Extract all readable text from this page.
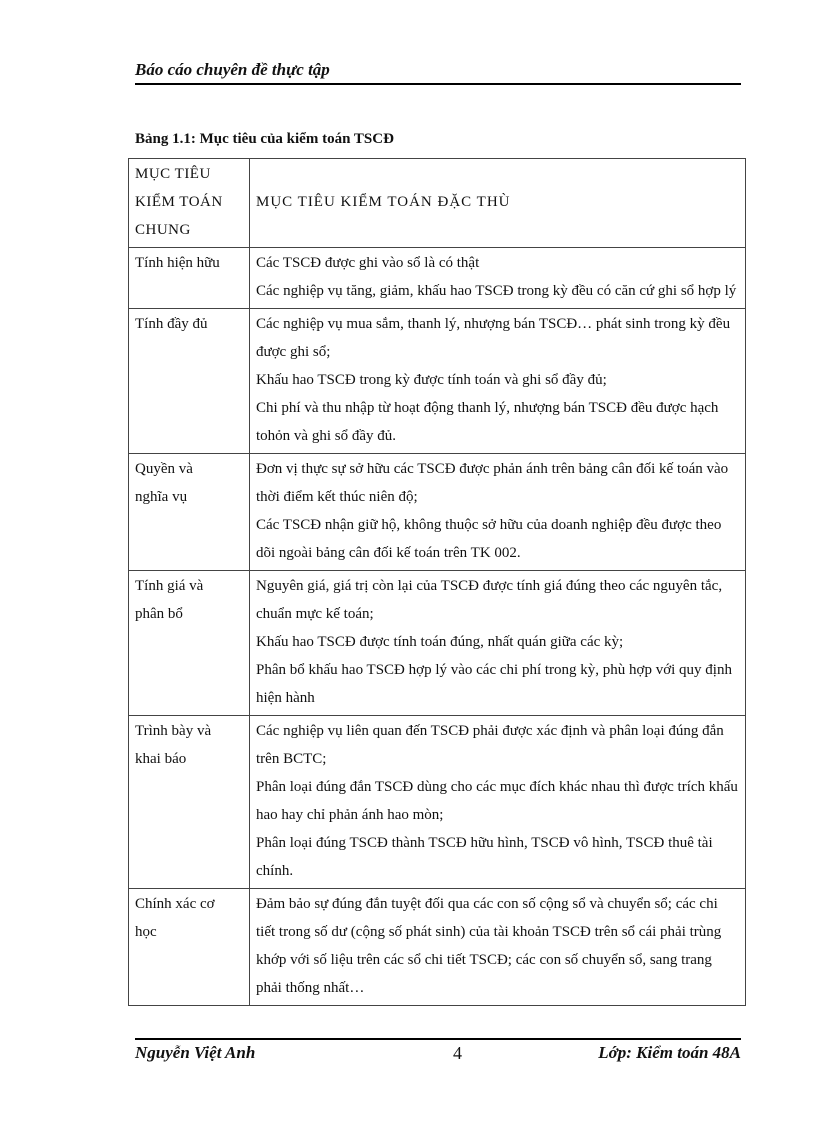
Báo cáo chuyên đề thực tập
Bảng 1.1: Mục tiêu của kiểm toán TSCĐ
MỤC TIÊU
KIỂM TOÁN
CHUNG	MỤC TIÊU KIỂM TOÁN ĐẶC THÙ

Tính hiện hữu	Các TSCĐ được ghi vào sổ là có thật
Các nghiệp vụ tăng, giảm, khấu hao TSCĐ trong kỳ đều có căn cứ ghi sổ hợp lý

Tính đầy đủ	Các nghiệp vụ mua sắm, thanh lý, nhượng bán TSCĐ… phát sinh trong kỳ đều được ghi sổ;
Khấu hao TSCĐ trong kỳ được tính toán và ghi sổ đầy đủ;
Chi phí và thu nhập từ hoạt động thanh lý, nhượng bán TSCĐ đều được hạch tohỏn và ghi sổ đầy đủ.

Quyền và
nghĩa vụ	Đơn vị thực sự sở hữu các TSCĐ được phản ánh trên bảng cân đối kế toán vào thời điểm kết thúc niên độ;
Các TSCĐ nhận giữ hộ, không thuộc sở hữu của doanh nghiệp đều được theo dõi ngoài bảng cân đối kế toán trên TK 002.

Tính giá và
phân bổ	Nguyên giá, giá trị còn lại của TSCĐ được tính giá đúng theo các nguyên tắc, chuẩn mực kế toán;
Khấu hao TSCĐ được tính toán đúng, nhất quán giữa các kỳ;
Phân bổ khấu hao TSCĐ hợp lý vào các chi phí trong kỳ, phù hợp với quy định hiện hành

Trình bày và
khai báo	Các nghiệp vụ liên quan đến TSCĐ phải được xác định và phân loại đúng đắn trên BCTC;
Phân loại đúng đắn TSCĐ dùng cho các mục đích khác nhau thì được trích khấu hao hay chỉ phản ánh hao mòn;
Phân loại đúng TSCĐ thành TSCĐ hữu hình, TSCĐ vô hình, TSCĐ thuê tài chính.

Chính xác cơ
học	Đảm bảo sự đúng đắn tuyệt đối qua các con số cộng sổ và chuyển sổ; các chi tiết trong số dư (cộng số phát sinh) của tài khoản TSCĐ trên sổ cái phải trùng khớp với số liệu trên các sổ chi tiết TSCĐ; các con số chuyển sổ, sang trang phải thống nhất…
Nguyễn Việt Anh	4	Lớp: Kiểm toán 48A
